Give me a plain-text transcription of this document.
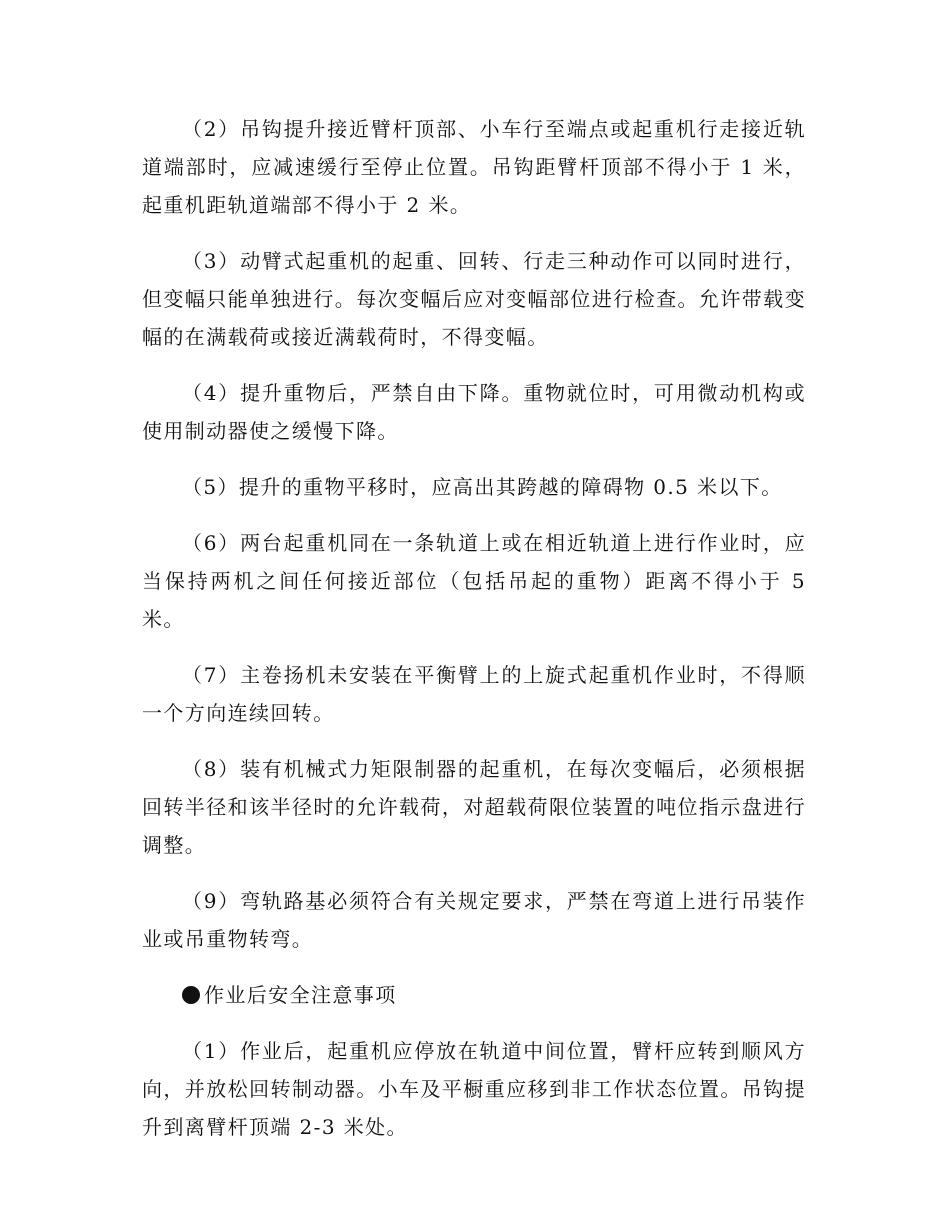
（2）吊钩提升接近臂杆顶部、小车行至端点或起重机行走接近轨道端部时，应减速缓行至停止位置。吊钩距臂杆顶部不得小于 1 米，起重机距轨道端部不得小于 2 米。

（3）动臂式起重机的起重、回转、行走三种动作可以同时进行，但变幅只能单独进行。每次变幅后应对变幅部位进行检查。允许带载变幅的在满载荷或接近满载荷时，不得变幅。

（4）提升重物后，严禁自由下降。重物就位时，可用微动机构或使用制动器使之缓慢下降。

（5）提升的重物平移时，应高出其跨越的障碍物 0.5 米以下。

（6）两台起重机同在一条轨道上或在相近轨道上进行作业时，应当保持两机之间任何接近部位（包括吊起的重物）距离不得小于 5 米。

（7）主卷扬机未安装在平衡臂上的上旋式起重机作业时，不得顺一个方向连续回转。

（8）装有机械式力矩限制器的起重机，在每次变幅后，必须根据回转半径和该半径时的允许载荷，对超载荷限位装置的吨位指示盘进行调整。

（9）弯轨路基必须符合有关规定要求，严禁在弯道上进行吊装作业或吊重物转弯。

作业后安全注意事项

（1）作业后，起重机应停放在轨道中间位置，臂杆应转到顺风方向，并放松回转制动器。小车及平橱重应移到非工作状态位置。吊钩提升到离臂杆顶端 2-3 米处。
